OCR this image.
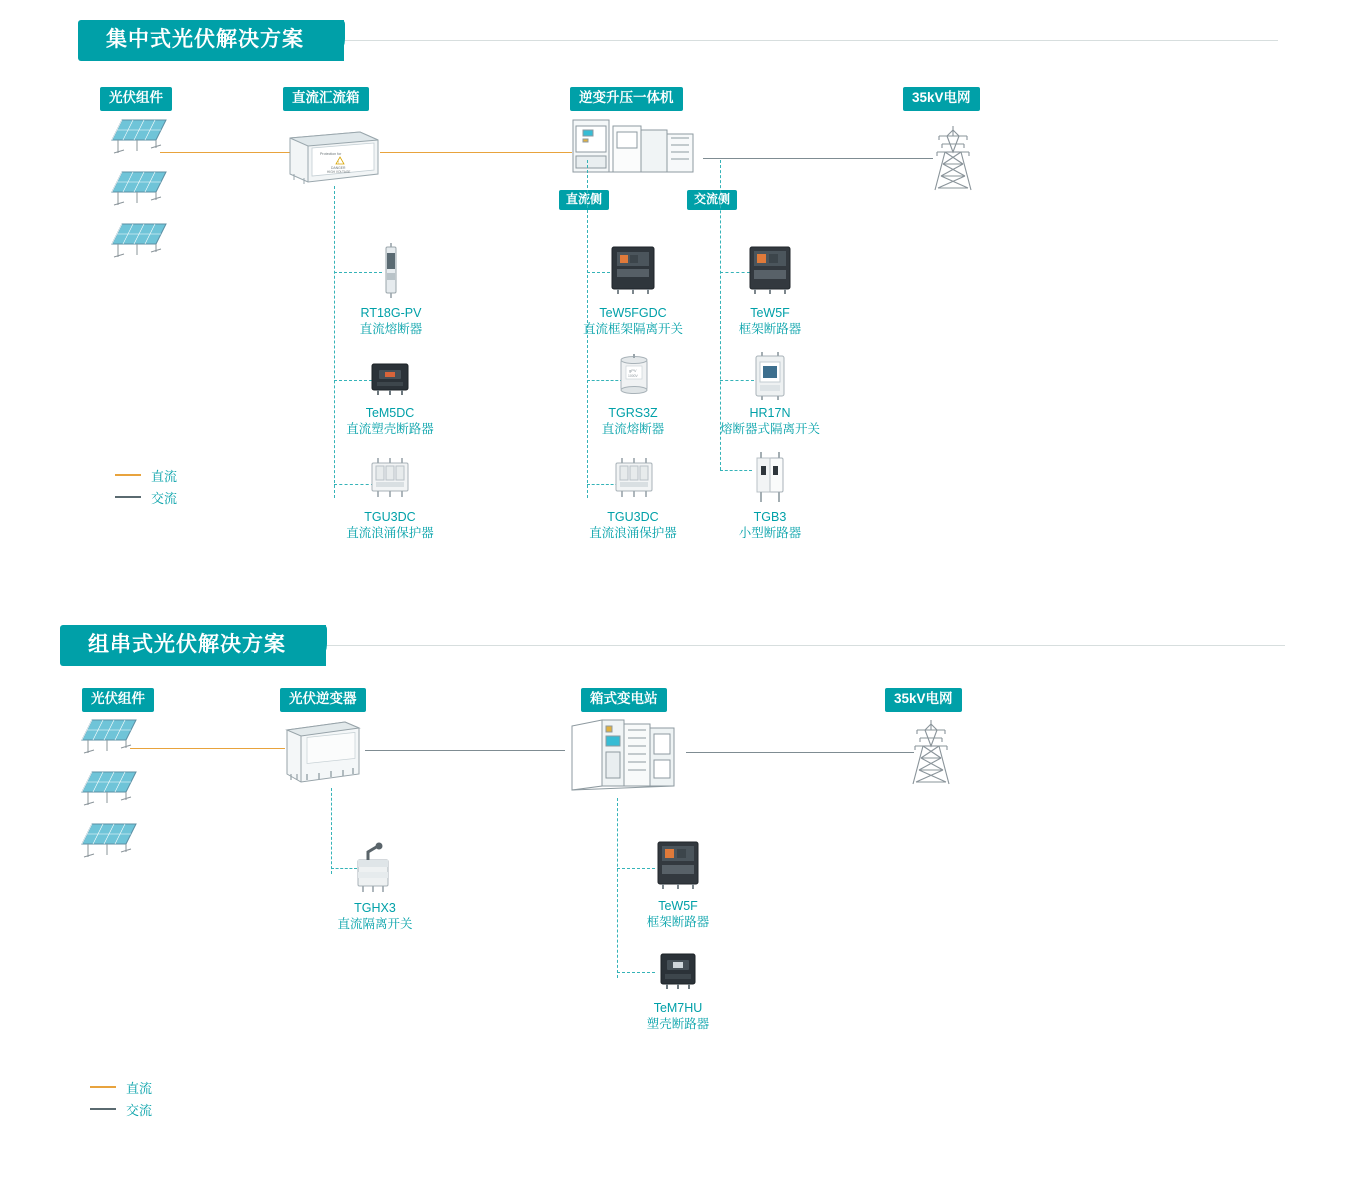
集中式光伏解决方案
光伏组件	直流汇流箱	逆变升压一体机	35kV电网
Protection for
!
DANGER
HIGH VOLTAGE
直流侧	交流侧
RT18G-PV
直流熔断器
TeM5DC
直流塑壳断路器
TGU3DC
直流浪涌保护器
TeW5FGDC
直流框架隔离开关
gPV
1000V
TGRS3Z
直流熔断器
TGU3DC
直流浪涌保护器
TeW5F
框架断路器
HR17N
熔断器式隔离开关
TGB3
小型断路器
直流
交流
组串式光伏解决方案
光伏组件	光伏逆变器	箱式变电站	35kV电网
TGHX3
直流隔离开关
TeW5F
框架断路器
TeM7HU
塑壳断路器
直流
交流
